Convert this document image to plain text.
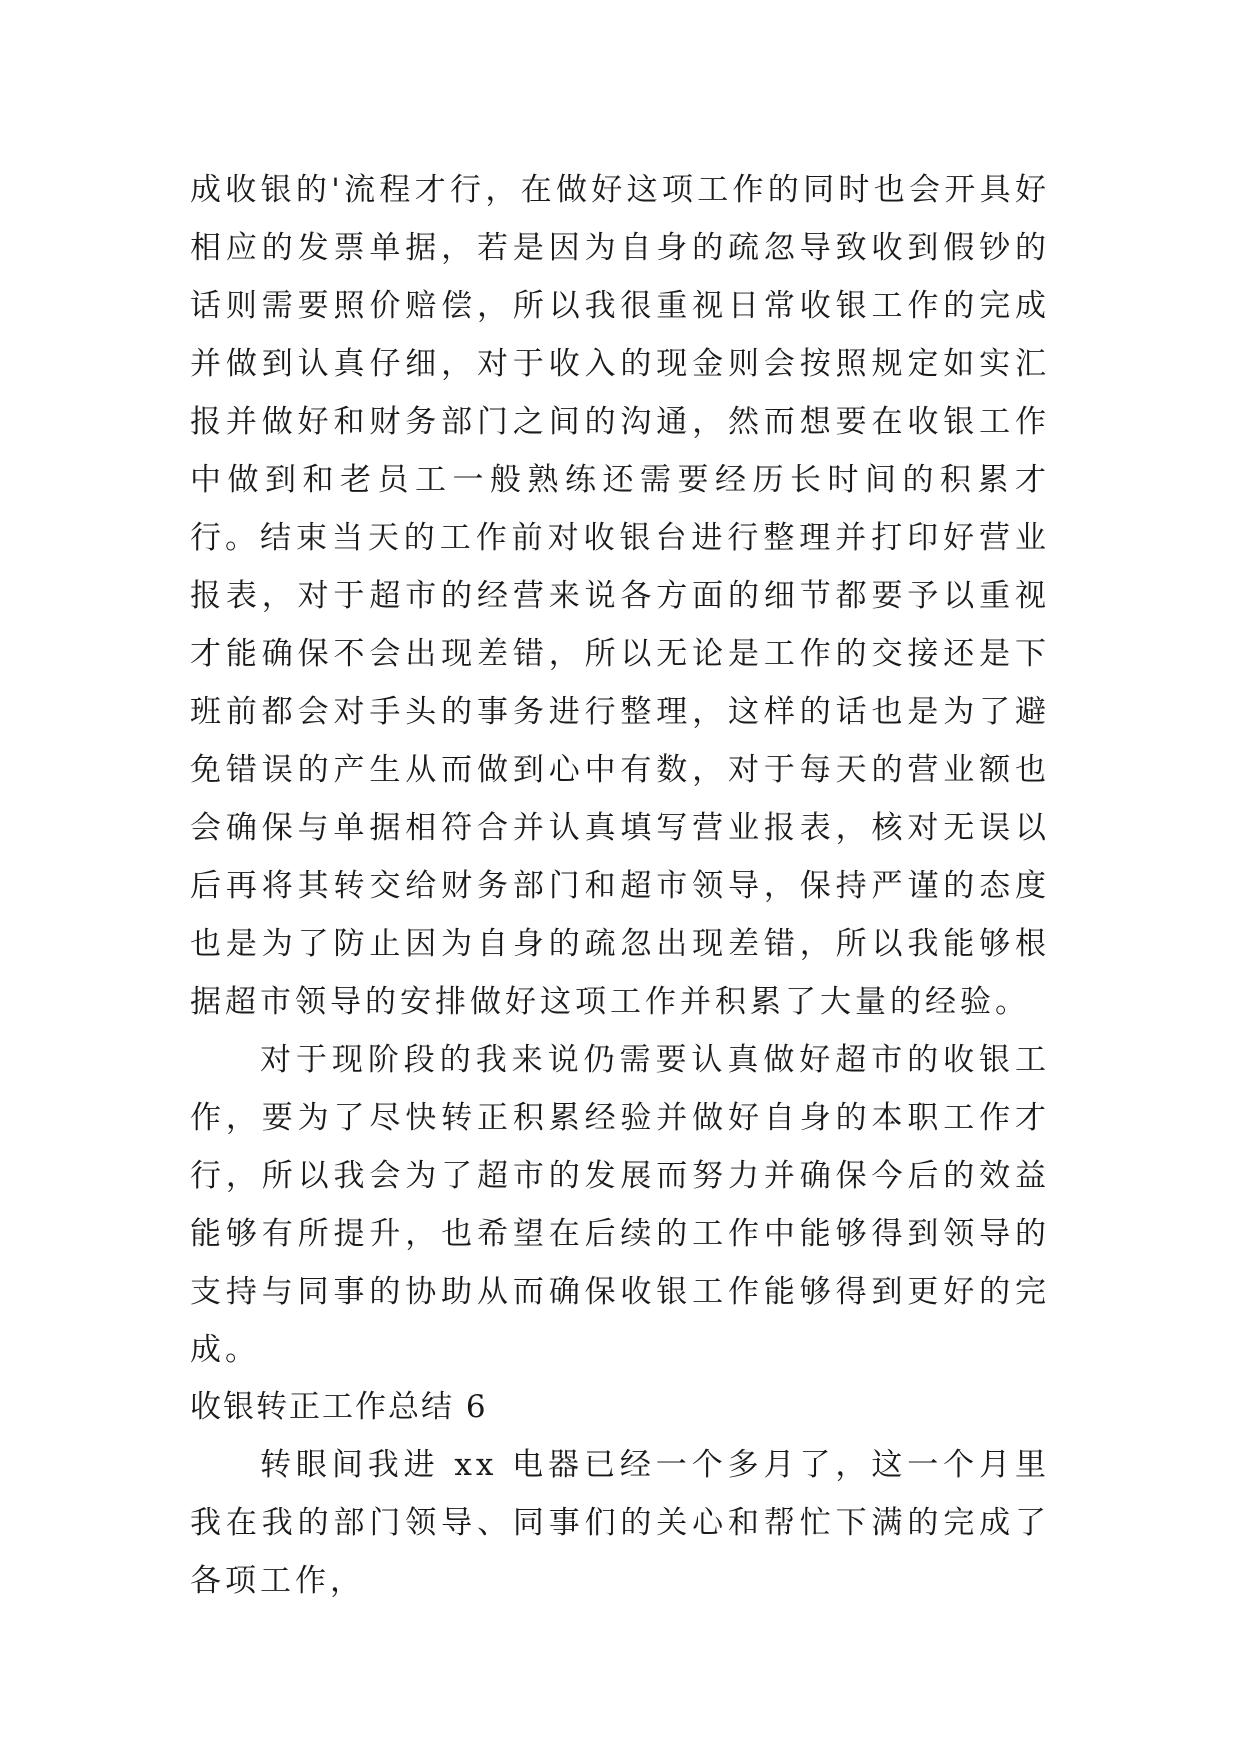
成收银的'流程才行，在做好这项工作的同时也会开具好相应的发票单据，若是因为自身的疏忽导致收到假钞的话则需要照价赔偿，所以我很重视日常收银工作的完成并做到认真仔细，对于收入的现金则会按照规定如实汇报并做好和财务部门之间的沟通，然而想要在收银工作中做到和老员工一般熟练还需要经历长时间的积累才行。 结束当天的工作前对收银台进行整理并打印好营业报表，对于超市的经营来说各方面的细节都要予以重视才能确保不会出现差错，所以无论是工作的交接还是下班前都会对手头的事务进行整理，这样的话也是为了避免错误的产生从而做到心中有数，对于每天的营业额也会确保与单据相符合并认真填写营业报表，核对无误以后再将其转交给财务部门和超市领导，保持严谨的态度也是为了防止因为自身的疏忽出现差错，所以我能够根据超市领导的安排做好这项工作并积累了大量的经验。

对于现阶段的我来说仍需要认真做好超市的收银工作，要为了尽快转正积累经验并做好自身的本职工作才行，所以我会为了超市的发展而努力并确保今后的效益能够有所提升，也希望在后续的工作中能够得到领导的支持与同事的协助从而确保收银工作能够得到更好的完成。

收银转正工作总结 6

转眼间我进 xx 电器已经一个多月了，这一个月里我在我的部门领导、同事们的关心和帮忙下满的完成了各项工作，
